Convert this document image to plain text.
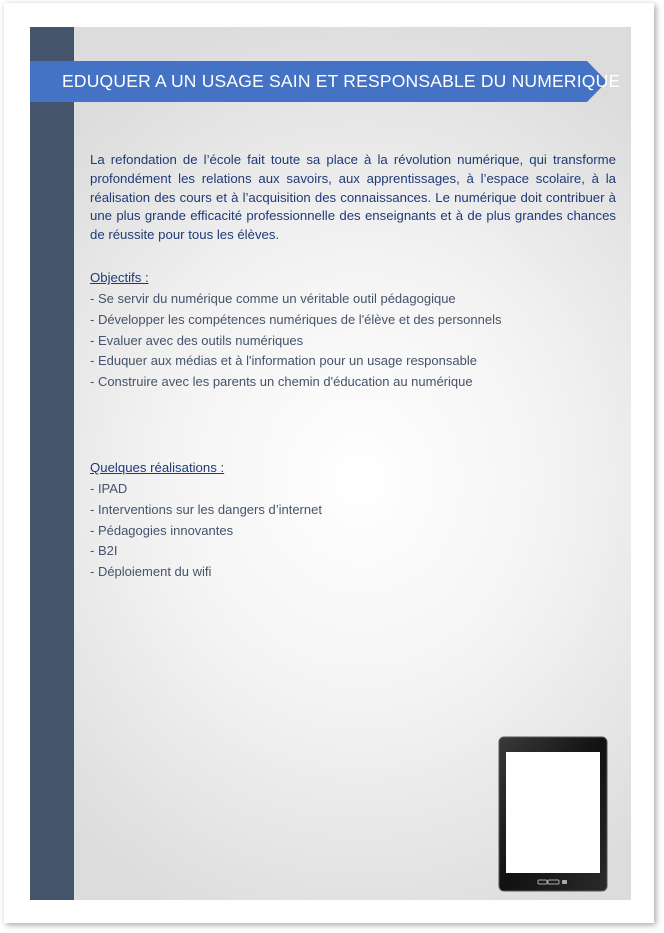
EDUQUER A UN USAGE SAIN ET RESPONSABLE DU NUMERIQUE

La refondation de l’école fait toute sa place à la révolution numérique, qui transforme profondément les relations aux savoirs, aux apprentissages, à l’espace scolaire, à la réalisation des cours et à l’acquisition des connaissances. Le numérique doit contribuer à une plus grande efficacité professionnelle des enseignants et à de plus grandes chances de réussite pour tous les élèves.

Objectifs :

- Se servir du numérique comme un véritable outil pédagogique
- Développer les compétences numériques de l'élève et des personnels
- Evaluer avec des outils numériques
- Eduquer aux médias et à l'information pour un usage responsable
- Construire avec les parents un chemin d'éducation au numérique

Quelques réalisations :

- IPAD
- Interventions sur les dangers d’internet
- Pédagogies innovantes
- B2I
- Déploiement du wifi
